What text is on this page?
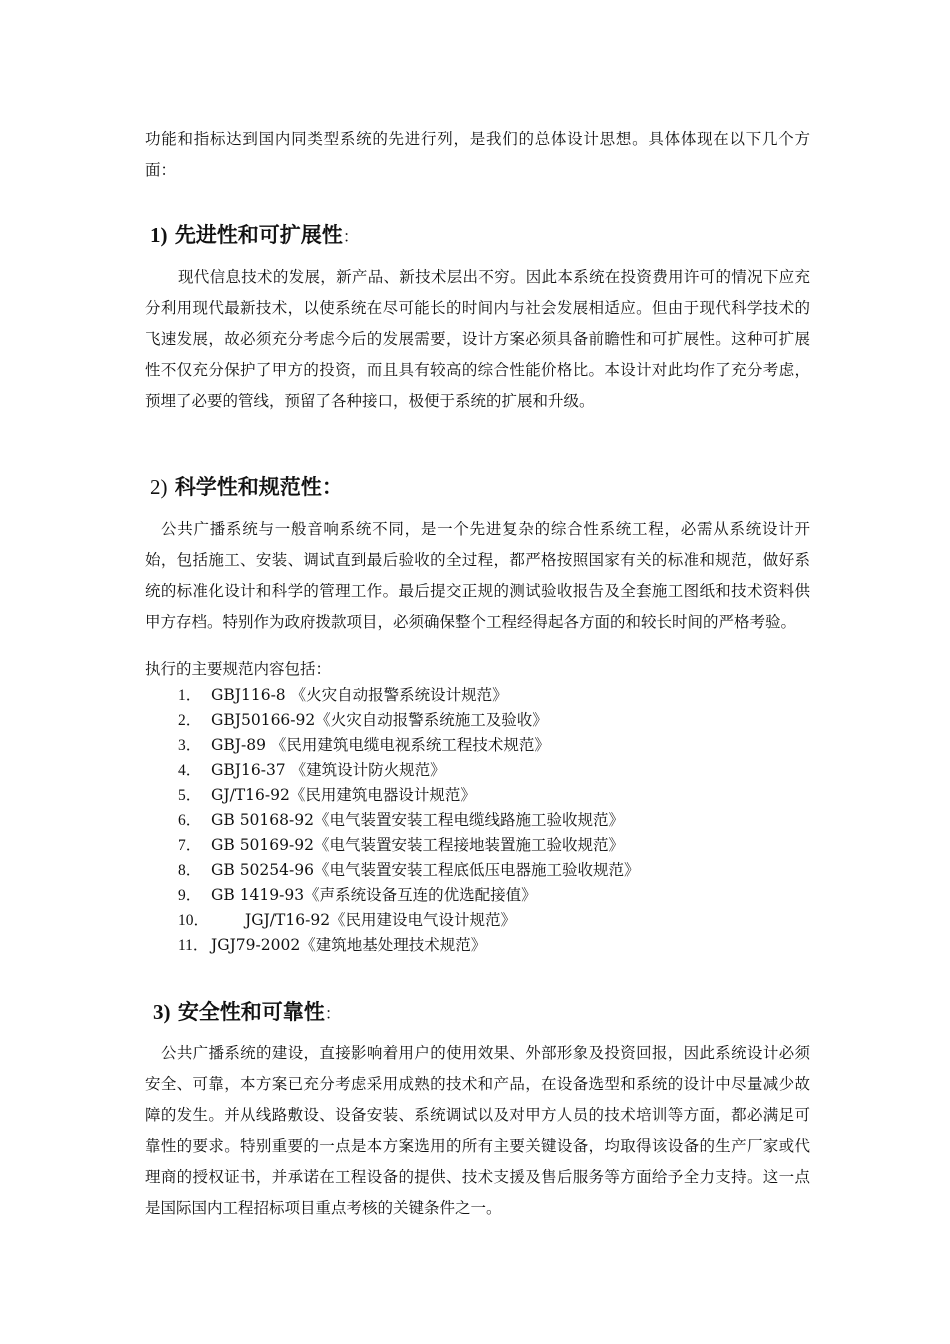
功能和指标达到国内同类型系统的先进行列，是我们的总体设计思想。具体体现在以下几个方面：

1) 先进性和可扩展性：

现代信息技术的发展，新产品、新技术层出不穷。因此本系统在投资费用许可的情况下应充分利用现代最新技术，以使系统在尽可能长的时间内与社会发展相适应。但由于现代科学技术的飞速发展，故必须充分考虑今后的发展需要，设计方案必须具备前瞻性和可扩展性。这种可扩展性不仅充分保护了甲方的投资，而且具有较高的综合性能价格比。本设计对此均作了充分考虑，预埋了必要的管线，预留了各种接口，极便于系统的扩展和升级。

2) 科学性和规范性：

公共广播系统与一般音响系统不同，是一个先进复杂的综合性系统工程，必需从系统设计开始，包括施工、安装、调试直到最后验收的全过程，都严格按照国家有关的标准和规范，做好系统的标准化设计和科学的管理工作。最后提交正规的测试验收报告及全套施工图纸和技术资料供甲方存档。特别作为政府拨款项目，必须确保整个工程经得起各方面的和较长时间的严格考验。

执行的主要规范内容包括：
1． GBJ116-8 《火灾自动报警系统设计规范》
2． GBJ50166-92《火灾自动报警系统施工及验收》
3． GBJ-89 《民用建筑电缆电视系统工程技术规范》
4． GBJ16-37 《建筑设计防火规范》
5． GJ/T16-92《民用建筑电器设计规范》
6． GB 50168-92《电气装置安装工程电缆线路施工验收规范》
7． GB 50169-92《电气装置安装工程接地装置施工验收规范》
8． GB 50254-96《电气装置安装工程底低压电器施工验收规范》
9． GB 1419-93《声系统设备互连的优选配接值》
10． JGJ/T16-92《民用建设电气设计规范》
11． JGJ79-2002《建筑地基处理技术规范》
3) 安全性和可靠性：

公共广播系统的建设，直接影响着用户的使用效果、外部形象及投资回报，因此系统设计必须安全、可靠，本方案已充分考虑采用成熟的技术和产品，在设备选型和系统的设计中尽量减少故障的发生。并从线路敷设、设备安装、系统调试以及对甲方人员的技术培训等方面，都必满足可靠性的要求。特别重要的一点是本方案选用的所有主要关键设备，均取得该设备的生产厂家或代理商的授权证书，并承诺在工程设备的提供、技术支援及售后服务等方面给予全力支持。这一点是国际国内工程招标项目重点考核的关键条件之一。
